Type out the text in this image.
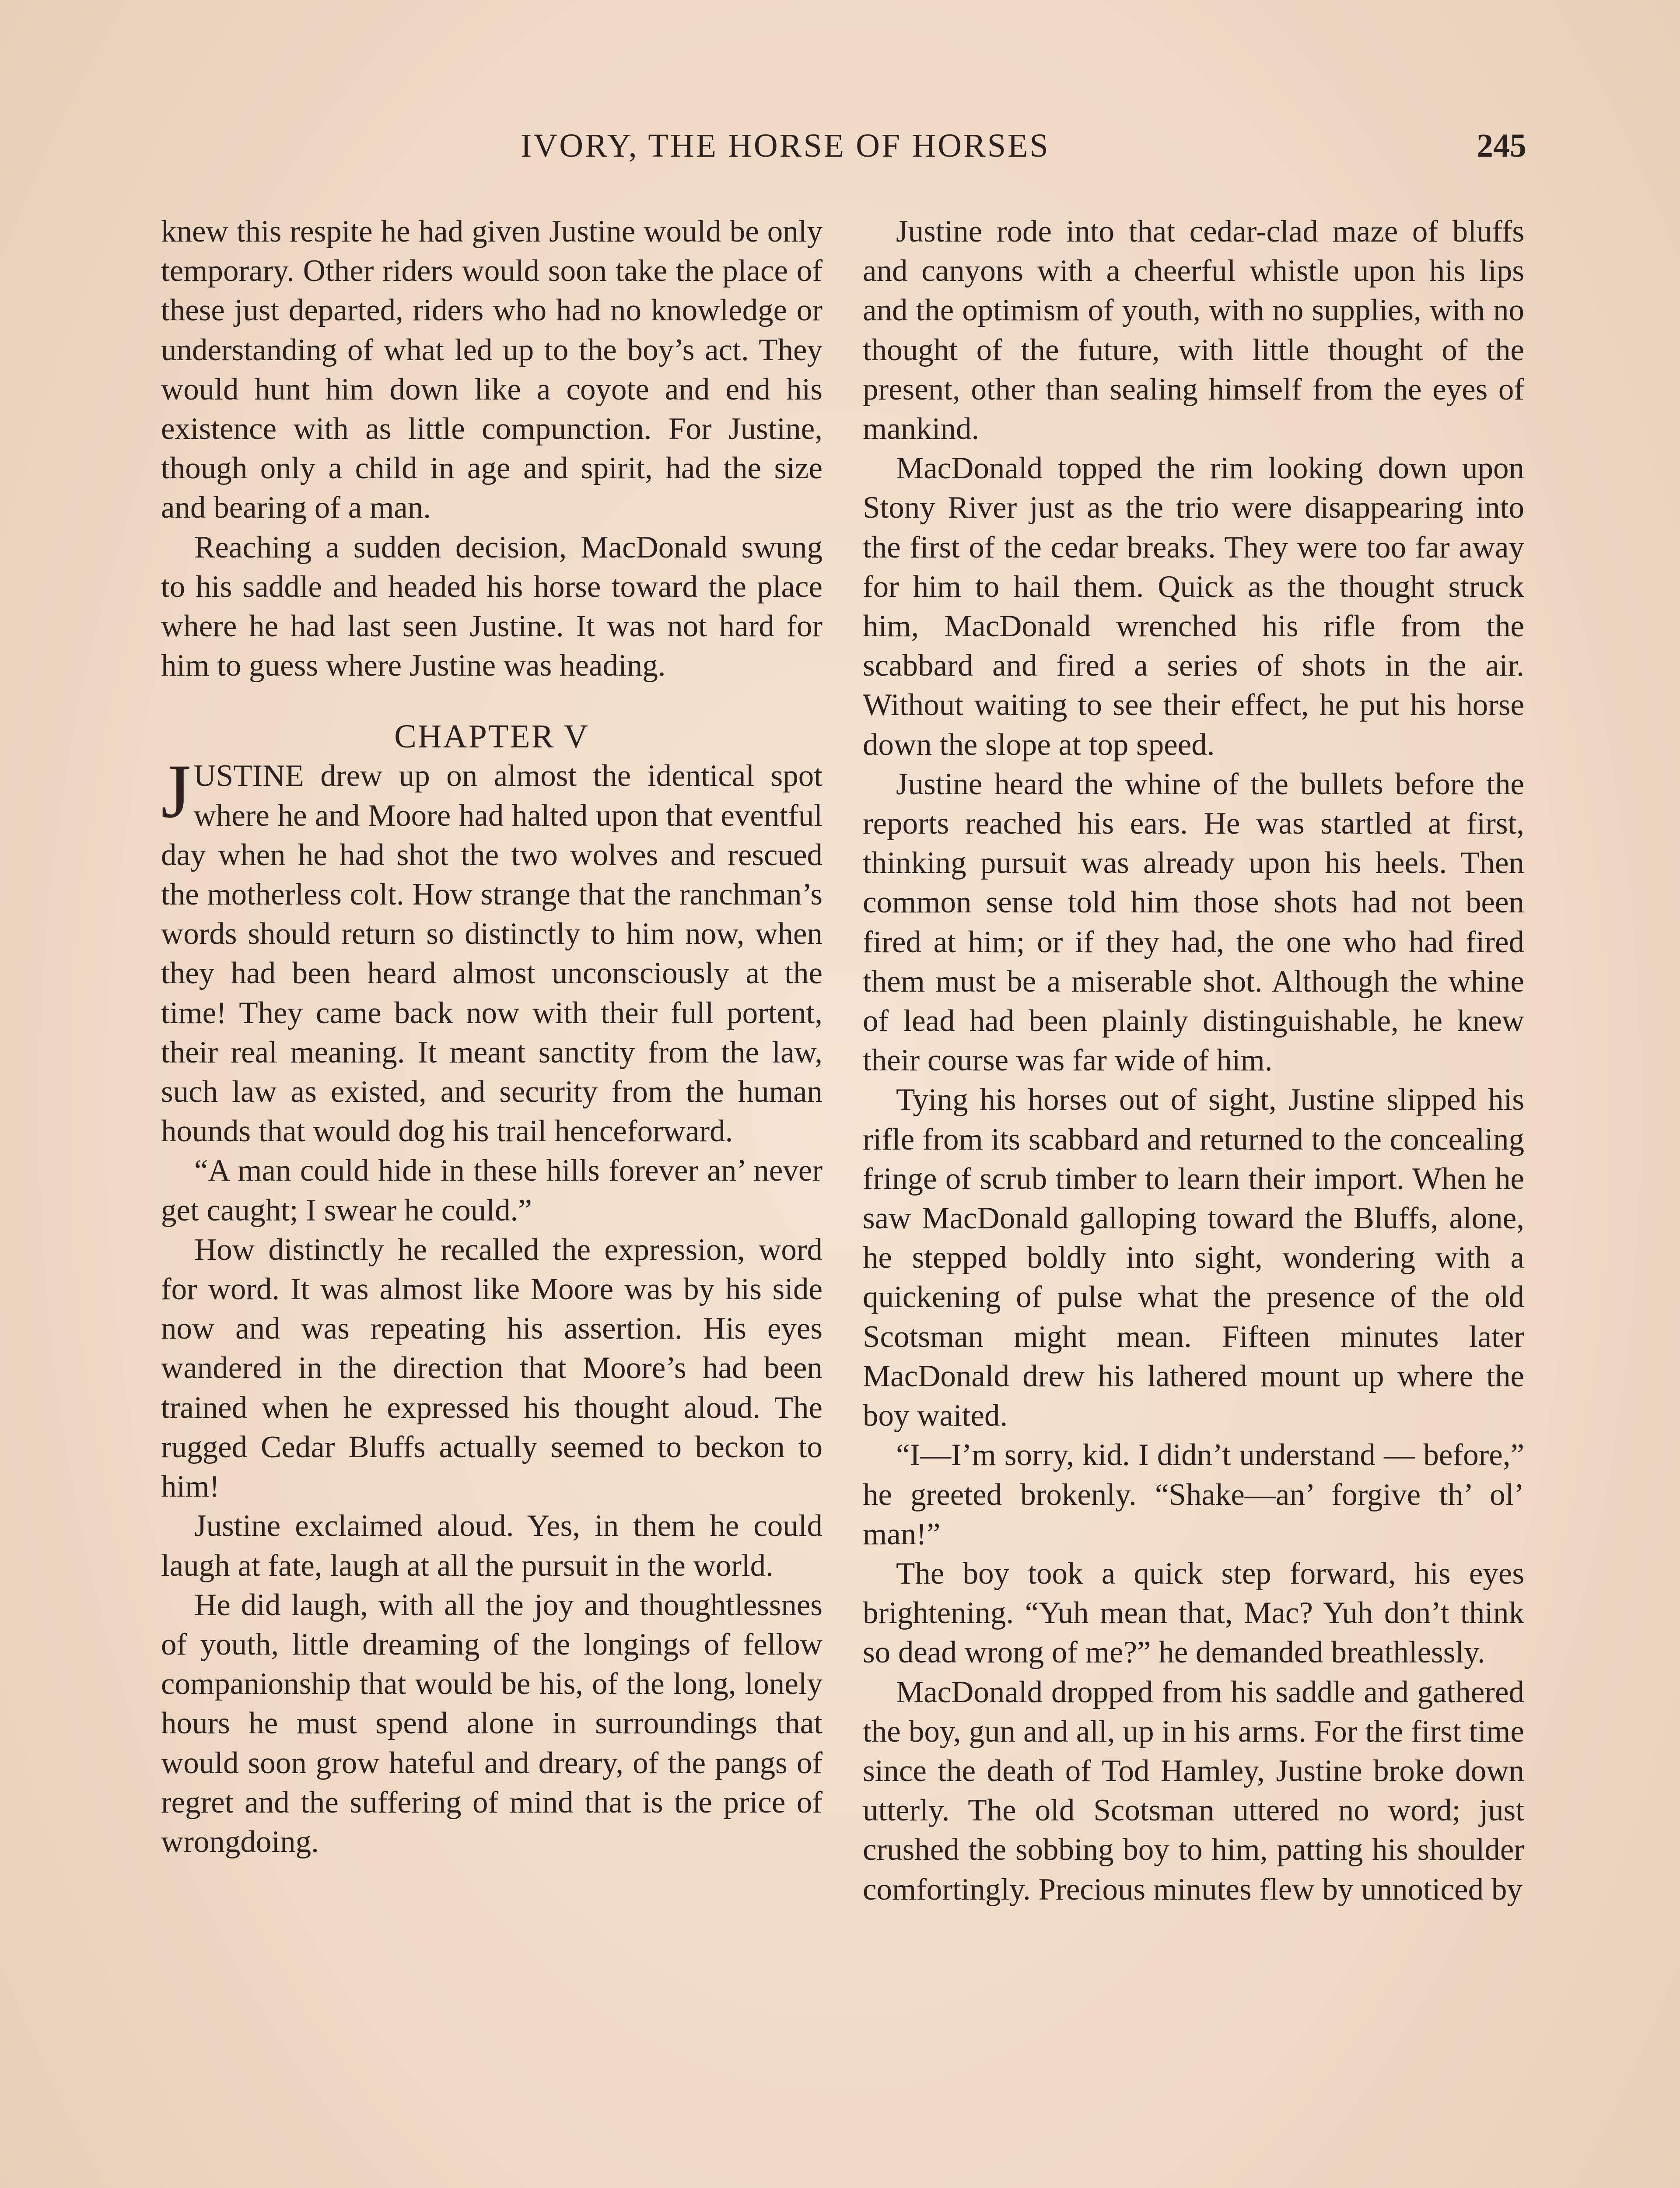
IVORY, THE HORSE OF HORSES	245

knew this respite he had given Justine would be only temporary. Other riders would soon take the place of these just departed, riders who had no knowledge or understanding of what led up to the boy’s act. They would hunt him down like a coyote and end his existence with as little compunction. For Justine, though only a child in age and spirit, had the size and bearing of a man.

Reaching a sudden decision, MacDonald swung to his saddle and headed his horse toward the place where he had last seen Justine. It was not hard for him to guess where Justine was heading.

CHAPTER V

JUSTINE drew up on almost the identical spot where he and Moore had halted upon that eventful day when he had shot the two wolves and rescued the motherless colt. How strange that the ranchman’s words should return so distinctly to him now, when they had been heard almost unconsciously at the time! They came back now with their full portent, their real meaning. It meant sanctity from the law, such law as existed, and security from the human hounds that would dog his trail henceforward.

“A man could hide in these hills forever an’ never get caught; I swear he could.”

How distinctly he recalled the expression, word for word. It was almost like Moore was by his side now and was repeating his assertion. His eyes wandered in the direction that Moore’s had been trained when he expressed his thought aloud. The rugged Cedar Bluffs actually seemed to beckon to him!

Justine exclaimed aloud. Yes, in them he could laugh at fate, laugh at all the pursuit in the world.

He did laugh, with all the joy and thoughtlessnes of youth, little dreaming of the longings of fellow companionship that would be his, of the long, lonely hours he must spend alone in surroundings that would soon grow hateful and dreary, of the pangs of regret and the suffering of mind that is the price of wrongdoing.

Justine rode into that cedar-clad maze of bluffs and canyons with a cheerful whistle upon his lips and the optimism of youth, with no supplies, with no thought of the future, with little thought of the present, other than sealing himself from the eyes of mankind.

MacDonald topped the rim looking down upon Stony River just as the trio were disappearing into the first of the cedar breaks. They were too far away for him to hail them. Quick as the thought struck him, MacDonald wrenched his rifle from the scabbard and fired a series of shots in the air. Without waiting to see their effect, he put his horse down the slope at top speed.

Justine heard the whine of the bullets before the reports reached his ears. He was startled at first, thinking pursuit was already upon his heels. Then common sense told him those shots had not been fired at him; or if they had, the one who had fired them must be a miserable shot. Although the whine of lead had been plainly distinguishable, he knew their course was far wide of him.

Tying his horses out of sight, Justine slipped his rifle from its scabbard and returned to the concealing fringe of scrub timber to learn their import. When he saw MacDonald galloping toward the Bluffs, alone, he stepped boldly into sight, wondering with a quickening of pulse what the presence of the old Scotsman might mean. Fifteen minutes later MacDonald drew his lathered mount up where the boy waited.

“I—I’m sorry, kid. I didn’t understand — before,” he greeted brokenly. “Shake—an’ forgive th’ ol’ man!”

The boy took a quick step forward, his eyes brightening. “Yuh mean that, Mac? Yuh don’t think so dead wrong of me?” he demanded breathlessly.

MacDonald dropped from his saddle and gathered the boy, gun and all, up in his arms. For the first time since the death of Tod Hamley, Justine broke down utterly. The old Scotsman uttered no word; just crushed the sobbing boy to him, patting his shoulder comfortingly. Precious minutes flew by unnoticed by
